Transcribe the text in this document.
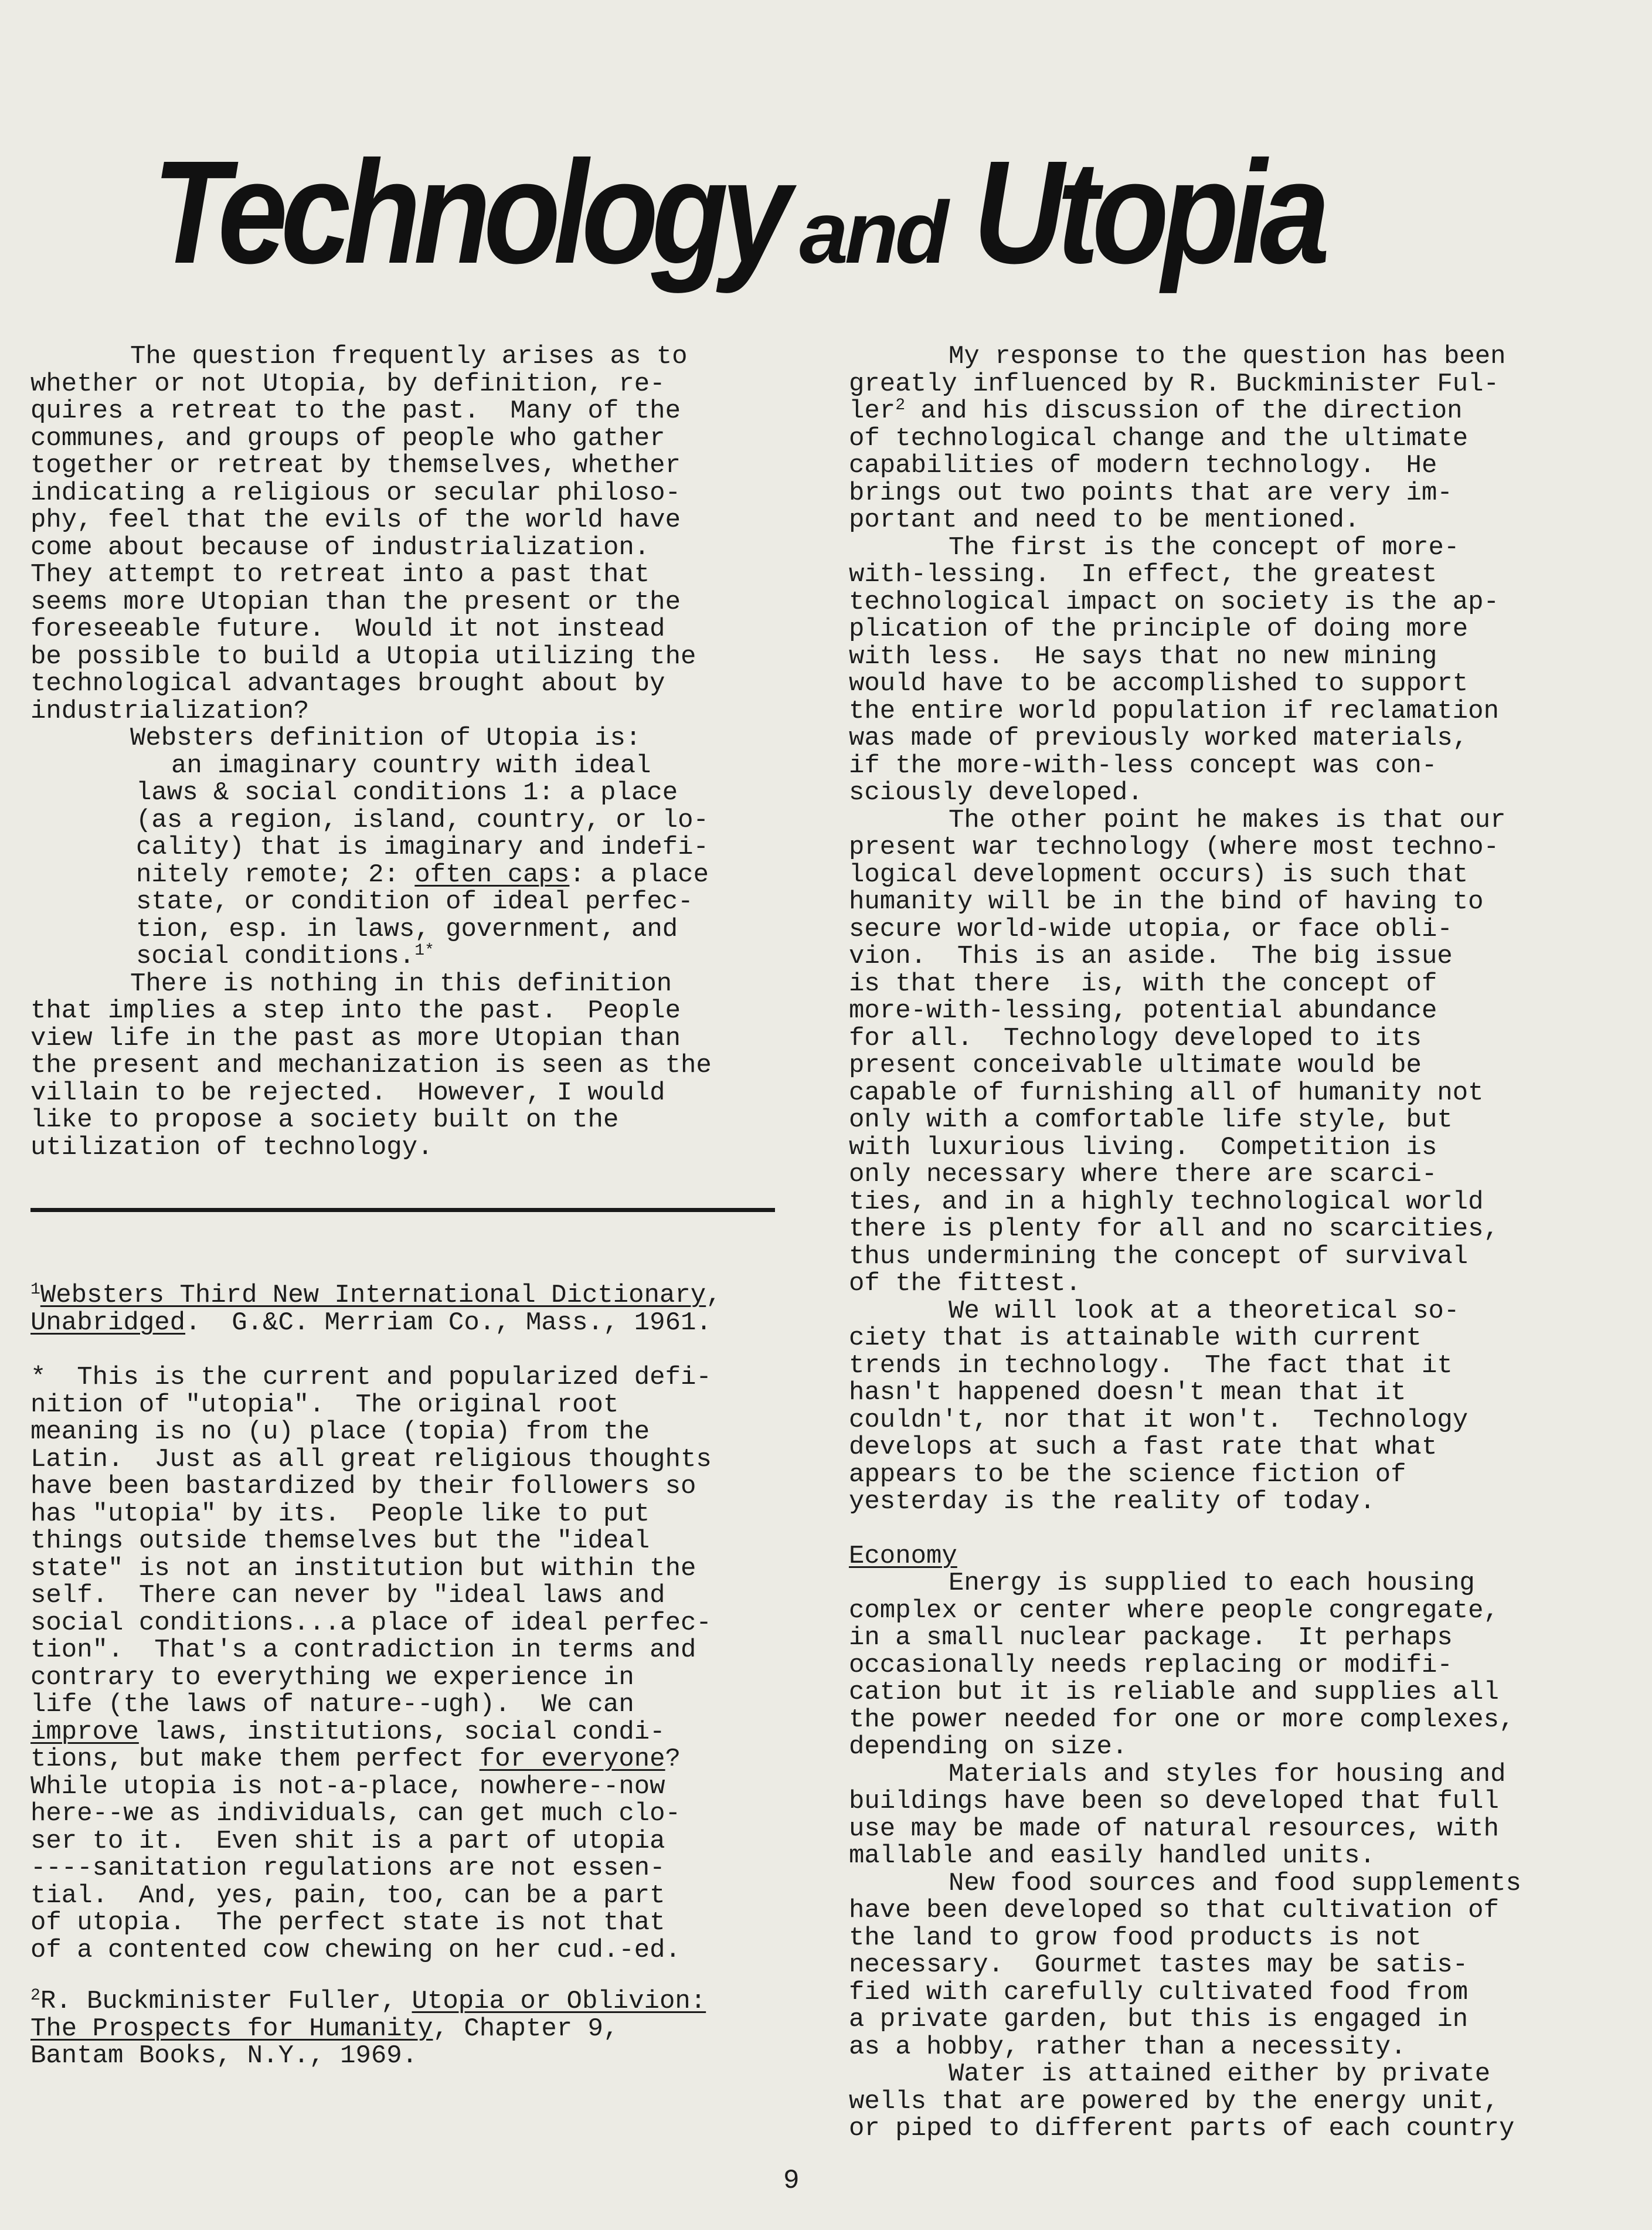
Technology and Utopia

The question frequently arises as to

whether or not Utopia, by definition, re-

quires a retreat to the past.  Many of the

communes, and groups of people who gather

together or retreat by themselves, whether

indicating a religious or secular philoso-

phy, feel that the evils of the world have

come about because of industrialization.

They attempt to retreat into a past that

seems more Utopian than the present or the

foreseeable future.  Would it not instead

be possible to build a Utopia utilizing the

technological advantages brought about by

industrialization?

Websters definition of Utopia is:

an imaginary country with ideal

laws & social conditions 1: a place

(as a region, island, country, or lo-

cality) that is imaginary and indefi-

nitely remote; 2: often caps: a place

state, or condition of ideal perfec-

tion, esp. in laws, government, and

social conditions.$^{1*}$

There is nothing in this definition

that implies a step into the past.  People

view life in the past as more Utopian than

the present and mechanization is seen as the

villain to be rejected.  However, I would

like to propose a society built on the

utilization of technology.

$^1$Websters Third New International Dictionary,

Unabridged.  G.&C. Merriam Co., Mass., 1961.

*  This is the current and popularized defi-

nition of "utopia".  The original root

meaning is no (u) place (topia) from the

Latin.  Just as all great religious thoughts

have been bastardized by their followers so

has "utopia" by its.  People like to put

things outside themselves but the "ideal

state" is not an institution but within the

self.  There can never by "ideal laws and

social conditions...a place of ideal perfec-

tion".  That's a contradiction in terms and

contrary to everything we experience in

life (the laws of nature--ugh).  We can

improve laws, institutions, social condi-

tions, but make them perfect for everyone?

While utopia is not-a-place, nowhere--now

here--we as individuals, can get much clo-

ser to it.  Even shit is a part of utopia

----sanitation regulations are not essen-

tial.  And, yes, pain, too, can be a part

of utopia.  The perfect state is not that

of a contented cow chewing on her cud.-ed.

$^2$R. Buckminister Fuller, Utopia or Oblivion:

The Prospects for Humanity, Chapter 9,

Bantam Books, N.Y., 1969.

My response to the question has been

greatly influenced by R. Buckminister Ful-

ler$^2$ and his discussion of the direction

of technological change and the ultimate

capabilities of modern technology.  He

brings out two points that are very im-

portant and need to be mentioned.

The first is the concept of more-

with-lessing.  In effect, the greatest

technological impact on society is the ap-

plication of the principle of doing more

with less.  He says that no new mining

would have to be accomplished to support

the entire world population if reclamation

was made of previously worked materials,

if the more-with-less concept was con-

sciously developed.

The other point he makes is that our

present war technology (where most techno-

logical development occurs) is such that

humanity will be in the bind of having to

secure world-wide utopia, or face obli-

vion.  This is an aside.  The big issue

is that there  is, with the concept of

more-with-lessing, potential abundance

for all.  Technology developed to its

present conceivable ultimate would be

capable of furnishing all of humanity not

only with a comfortable life style, but

with luxurious living.  Competition is

only necessary where there are scarci-

ties, and in a highly technological world

there is plenty for all and no scarcities,

thus undermining the concept of survival

of the fittest.

We will look at a theoretical so-

ciety that is attainable with current

trends in technology.  The fact that it

hasn't happened doesn't mean that it

couldn't, nor that it won't.  Technology

develops at such a fast rate that what

appears to be the science fiction of

yesterday is the reality of today.

Economy

Energy is supplied to each housing

complex or center where people congregate,

in a small nuclear package.  It perhaps

occasionally needs replacing or modifi-

cation but it is reliable and supplies all

the power needed for one or more complexes,

depending on size.

Materials and styles for housing and

buildings have been so developed that full

use may be made of natural resources, with

mallable and easily handled units.

New food sources and food supplements

have been developed so that cultivation of

the land to grow food products is not

necessary.  Gourmet tastes may be satis-

fied with carefully cultivated food from

a private garden, but this is engaged in

as a hobby, rather than a necessity.

Water is attained either by private

wells that are powered by the energy unit,

or piped to different parts of each country

9
